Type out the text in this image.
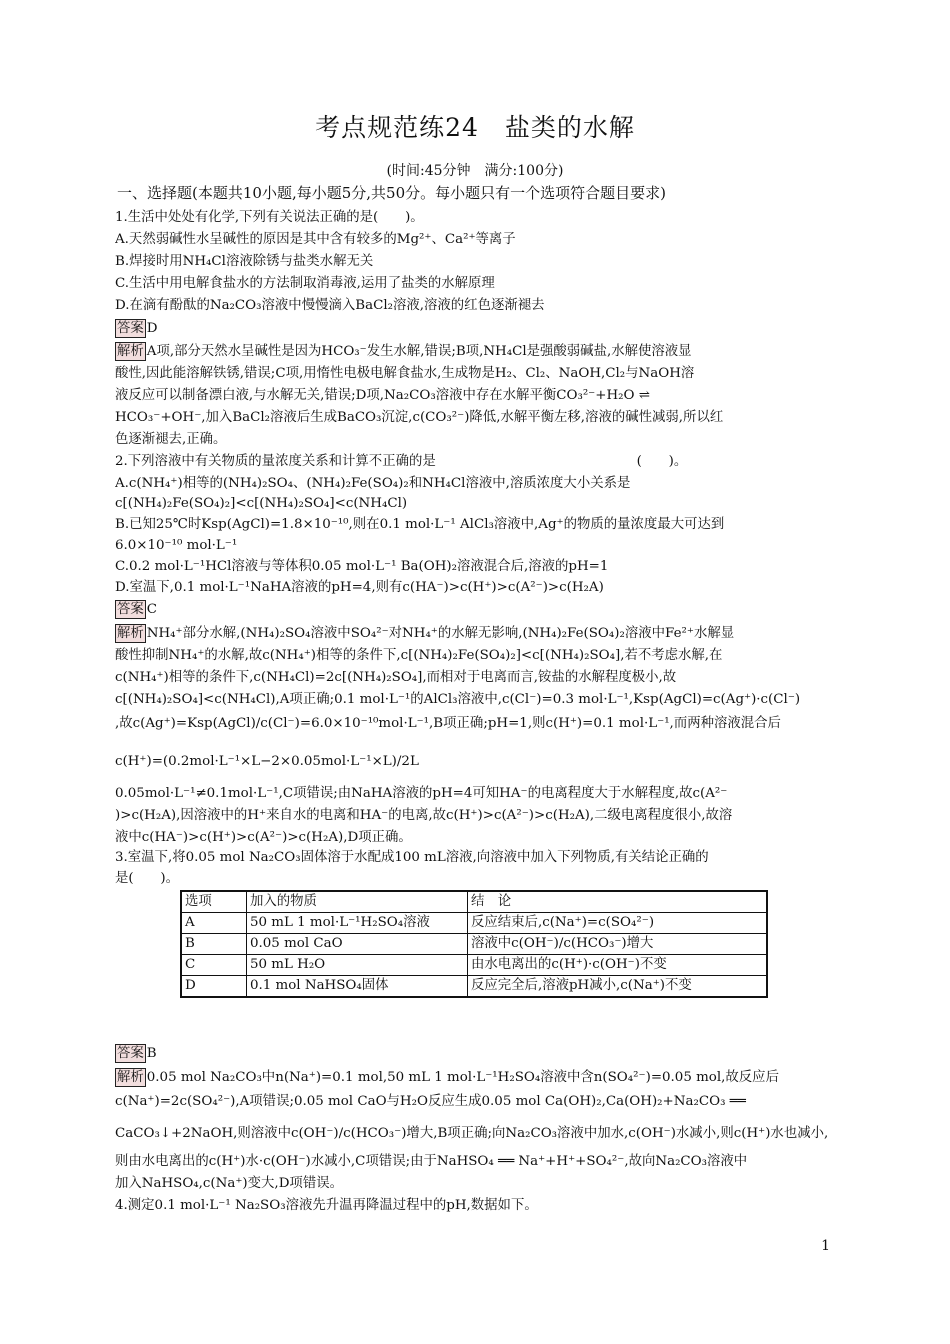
考点规范练24　盐类的水解
(时间:45分钟　满分:100分)
一、选择题(本题共10小题,每小题5分,共50分。每小题只有一个选项符合题目要求)
1.生活中处处有化学,下列有关说法正确的是(　　)。
A.天然弱碱性水呈碱性的原因是其中含有较多的Mg²⁺、Ca²⁺等离子
B.焊接时用NH₄Cl溶液除锈与盐类水解无关
C.生活中用电解食盐水的方法制取消毒液,运用了盐类的水解原理
D.在滴有酚酞的Na₂CO₃溶液中慢慢滴入BaCl₂溶液,溶液的红色逐渐褪去
答案 D
解析 A项,部分天然水呈碱性是因为HCO₃⁻发生水解,错误;B项,NH₄Cl是强酸弱碱盐,水解使溶液显
酸性,因此能溶解铁锈,错误;C项,用惰性电极电解食盐水,生成物是H₂、Cl₂、NaOH,Cl₂与NaOH溶
液反应可以制备漂白液,与水解无关,错误;D项,Na₂CO₃溶液中存在水解平衡CO₃²⁻+H₂O ⇌
HCO₃⁻+OH⁻,加入BaCl₂溶液后生成BaCO₃沉淀,c(CO₃²⁻)降低,水解平衡左移,溶液的碱性减弱,所以红
色逐渐褪去,正确。
2.下列溶液中有关物质的量浓度关系和计算不正确的是　　　　　　　　　　　　　　　(　　)。
A.c(NH₄⁺)相等的(NH₄)₂SO₄、(NH₄)₂Fe(SO₄)₂和NH₄Cl溶液中,溶质浓度大小关系是
c[(NH₄)₂Fe(SO₄)₂]<c[(NH₄)₂SO₄]<c(NH₄Cl)
B.已知25℃时Ksp(AgCl)=1.8×10⁻¹⁰,则在0.1 mol·L⁻¹ AlCl₃溶液中,Ag⁺的物质的量浓度最大可达到
6.0×10⁻¹⁰ mol·L⁻¹
C.0.2 mol·L⁻¹HCl溶液与等体积0.05 mol·L⁻¹ Ba(OH)₂溶液混合后,溶液的pH=1
D.室温下,0.1 mol·L⁻¹NaHA溶液的pH=4,则有c(HA⁻)>c(H⁺)>c(A²⁻)>c(H₂A)
答案 C
解析 NH₄⁺部分水解,(NH₄)₂SO₄溶液中SO₄²⁻对NH₄⁺的水解无影响,(NH₄)₂Fe(SO₄)₂溶液中Fe²⁺水解显
酸性抑制NH₄⁺的水解,故c(NH₄⁺)相等的条件下,c[(NH₄)₂Fe(SO₄)₂]<c[(NH₄)₂SO₄],若不考虑水解,在
c(NH₄⁺)相等的条件下,c(NH₄Cl)=2c[(NH₄)₂SO₄],而相对于电离而言,铵盐的水解程度极小,故
c[(NH₄)₂SO₄]<c(NH₄Cl),A项正确;0.1 mol·L⁻¹的AlCl₃溶液中,c(Cl⁻)=0.3 mol·L⁻¹,Ksp(AgCl)=c(Ag⁺)·c(Cl⁻)
,故c(Ag⁺)=Ksp(AgCl)/c(Cl⁻)=6.0×10⁻¹⁰mol·L⁻¹,B项正确;pH=1,则c(H⁺)=0.1 mol·L⁻¹,而两种溶液混合后
c(H⁺)=(0.2mol·L⁻¹×L−2×0.05mol·L⁻¹×L)/2L
0.05mol·L⁻¹≠0.1mol·L⁻¹,C项错误;由NaHA溶液的pH=4可知HA⁻的电离程度大于水解程度,故c(A²⁻
)>c(H₂A),因溶液中的H⁺来自水的电离和HA⁻的电离,故c(H⁺)>c(A²⁻)>c(H₂A),二级电离程度很小,故溶
液中c(HA⁻)>c(H⁺)>c(A²⁻)>c(H₂A),D项正确。
3.室温下,将0.05 mol Na₂CO₃固体溶于水配成100 mL溶液,向溶液中加入下列物质,有关结论正确的
是(　　)。
选项	加入的物质	结　论
A	50 mL 1 mol·L⁻¹H₂SO₄溶液	反应结束后,c(Na⁺)=c(SO₄²⁻)
B	0.05 mol CaO	溶液中c(OH⁻)/c(HCO₃⁻)增大
C	50 mL H₂O	由水电离出的c(H⁺)·c(OH⁻)不变
D	0.1 mol NaHSO₄固体	反应完全后,溶液pH减小,c(Na⁺)不变
答案 B
解析 0.05 mol Na₂CO₃中n(Na⁺)=0.1 mol,50 mL 1 mol·L⁻¹H₂SO₄溶液中含n(SO₄²⁻)=0.05 mol,故反应后
c(Na⁺)=2c(SO₄²⁻),A项错误;0.05 mol CaO与H₂O反应生成0.05 mol Ca(OH)₂,Ca(OH)₂+Na₂CO₃ ══
CaCO₃↓+2NaOH,则溶液中c(OH⁻)/c(HCO₃⁻)增大,B项正确;向Na₂CO₃溶液中加水,c(OH⁻)水减小,则c(H⁺)水也减小,
则由水电离出的c(H⁺)水·c(OH⁻)水减小,C项错误;由于NaHSO₄ ══ Na⁺+H⁺+SO₄²⁻,故向Na₂CO₃溶液中
加入NaHSO₄,c(Na⁺)变大,D项错误。
4.测定0.1 mol·L⁻¹ Na₂SO₃溶液先升温再降温过程中的pH,数据如下。
1
